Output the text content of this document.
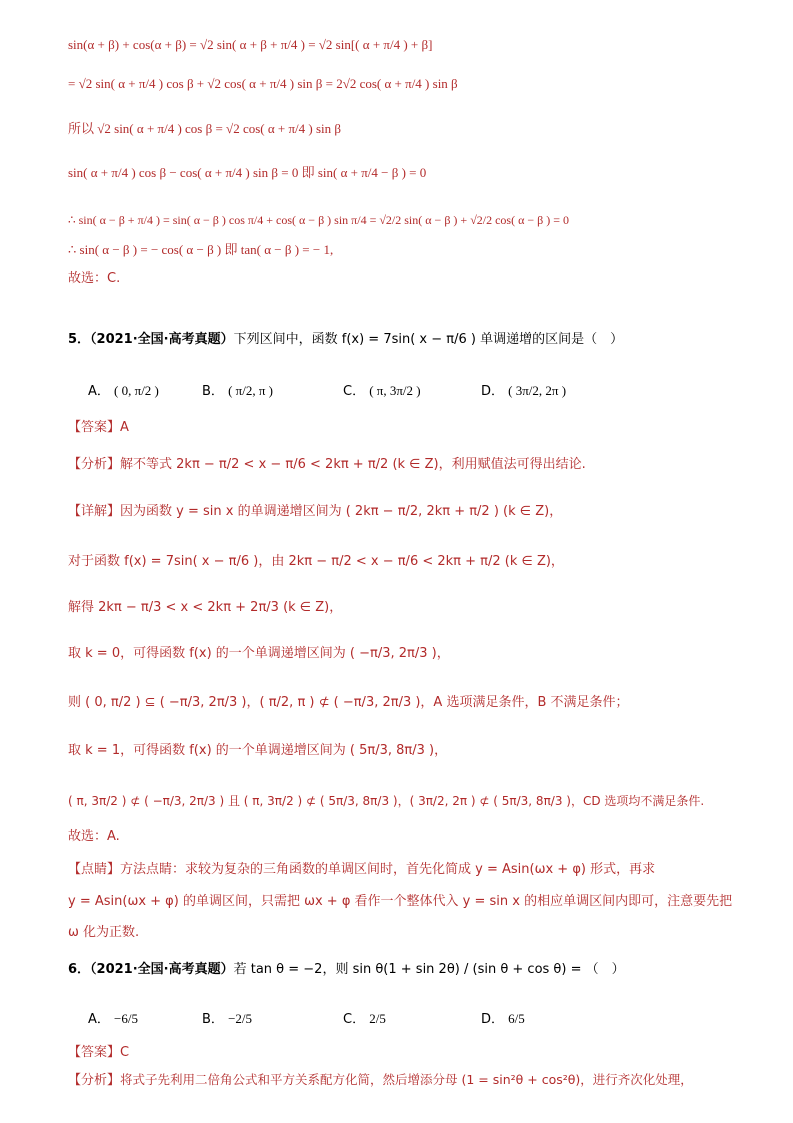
sin(α + β) + cos(α + β) = √2 sin( α + β + π/4 ) = √2 sin[( α + π/4 ) + β]
= √2 sin( α + π/4 ) cos β + √2 cos( α + π/4 ) sin β = 2√2 cos( α + π/4 ) sin β
所以 √2 sin( α + π/4 ) cos β = √2 cos( α + π/4 ) sin β
sin( α + π/4 ) cos β − cos( α + π/4 ) sin β = 0 即 sin( α + π/4 − β ) = 0
∴ sin( α − β + π/4 ) = sin( α − β ) cos π/4 + cos( α − β ) sin π/4 = √2/2 sin( α − β ) + √2/2 cos( α − β ) = 0
∴ sin( α − β ) = − cos( α − β ) 即 tan( α − β ) = − 1,
故选：C.
5．（2021·全国·高考真题）下列区间中，函数 f(x) = 7sin( x − π/6 ) 单调递增的区间是（　）
A． ( 0, π/2 )	B． ( π/2, π )	C． ( π, 3π/2 )	D． ( 3π/2, 2π )
【答案】A
【分析】解不等式 2kπ − π/2 < x − π/6 < 2kπ + π/2 (k ∈ Z)，利用赋值法可得出结论.
【详解】因为函数 y = sin x 的单调递增区间为 ( 2kπ − π/2, 2kπ + π/2 ) (k ∈ Z)，
对于函数 f(x) = 7sin( x − π/6 )，由 2kπ − π/2 < x − π/6 < 2kπ + π/2 (k ∈ Z)，
解得 2kπ − π/3 < x < 2kπ + 2π/3 (k ∈ Z)，
取 k = 0，可得函数 f(x) 的一个单调递增区间为 ( −π/3, 2π/3 )，
则 ( 0, π/2 ) ⊆ ( −π/3, 2π/3 )，( π/2, π ) ⊄ ( −π/3, 2π/3 )，A 选项满足条件，B 不满足条件；
取 k = 1，可得函数 f(x) 的一个单调递增区间为 ( 5π/3, 8π/3 )，
( π, 3π/2 ) ⊄ ( −π/3, 2π/3 ) 且 ( π, 3π/2 ) ⊄ ( 5π/3, 8π/3 )，( 3π/2, 2π ) ⊄ ( 5π/3, 8π/3 )，CD 选项均不满足条件.
故选：A.
【点睛】方法点睛：求较为复杂的三角函数的单调区间时，首先化简成 y = Asin(ωx + φ) 形式，再求
y = Asin(ωx + φ) 的单调区间，只需把 ωx + φ 看作一个整体代入 y = sin x 的相应单调区间内即可，注意要先把
ω 化为正数.
6．（2021·全国·高考真题）若 tan θ = −2，则 sin θ(1 + sin 2θ) / (sin θ + cos θ) = （　）
A． −6/5	B． −2/5	C． 2/5	D． 6/5
【答案】C
【分析】将式子先利用二倍角公式和平方关系配方化简，然后增添分母 (1 = sin²θ + cos²θ)，进行齐次化处理，
